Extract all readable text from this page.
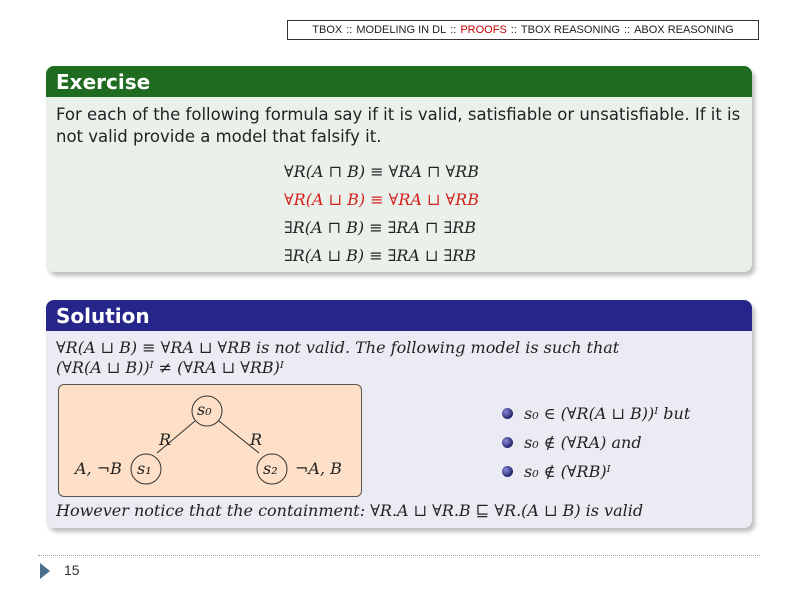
TBOX :: MODELING IN DL :: PROOFS :: TBOX REASONING :: ABOX REASONING
Exercise
For each of the following formula say if it is valid, satisfiable or unsatisfiable. If it is not valid provide a model that falsify it.
∀R(A ⊓ B) ≡ ∀RA ⊓ ∀RB
∀R(A ⊔ B) ≡ ∀RA ⊔ ∀RB
∃R(A ⊓ B) ≡ ∃RA ⊓ ∃RB
∃R(A ⊔ B) ≡ ∃RA ⊔ ∃RB
Solution
∀R(A ⊔ B) ≡ ∀RA ⊔ ∀RB is not valid. The following model is such that
(∀R(A ⊔ B))ᴵ ≠ (∀RA ⊔ ∀RB)ᴵ
However notice that the containment: ∀R.A ⊔ ∀R.B ⊑ ∀R.(A ⊔ B) is valid
s₀
s₁	s₂
R	R
A, ¬B	¬A, B
s₀ ∈ (∀R(A ⊔ B))ᴵ but
s₀ ∉ (∀RA) and
s₀ ∉ (∀RB)ᴵ
15
